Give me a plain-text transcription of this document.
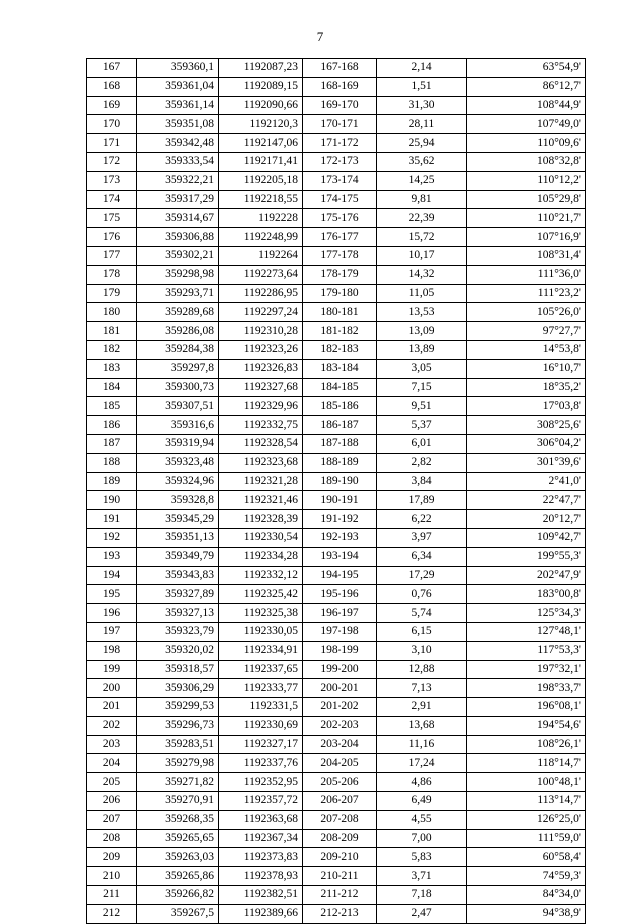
7
167	359360,1	1192087,23	167-168	2,14	63°54,9'
168	359361,04	1192089,15	168-169	1,51	86°12,7'
169	359361,14	1192090,66	169-170	31,30	108°44,9'
170	359351,08	1192120,3	170-171	28,11	107°49,0'
171	359342,48	1192147,06	171-172	25,94	110°09,6'
172	359333,54	1192171,41	172-173	35,62	108°32,8'
173	359322,21	1192205,18	173-174	14,25	110°12,2'
174	359317,29	1192218,55	174-175	9,81	105°29,8'
175	359314,67	1192228	175-176	22,39	110°21,7'
176	359306,88	1192248,99	176-177	15,72	107°16,9'
177	359302,21	1192264	177-178	10,17	108°31,4'
178	359298,98	1192273,64	178-179	14,32	111°36,0'
179	359293,71	1192286,95	179-180	11,05	111°23,2'
180	359289,68	1192297,24	180-181	13,53	105°26,0'
181	359286,08	1192310,28	181-182	13,09	97°27,7'
182	359284,38	1192323,26	182-183	13,89	14°53,8'
183	359297,8	1192326,83	183-184	3,05	16°10,7'
184	359300,73	1192327,68	184-185	7,15	18°35,2'
185	359307,51	1192329,96	185-186	9,51	17°03,8'
186	359316,6	1192332,75	186-187	5,37	308°25,6'
187	359319,94	1192328,54	187-188	6,01	306°04,2'
188	359323,48	1192323,68	188-189	2,82	301°39,6'
189	359324,96	1192321,28	189-190	3,84	2°41,0'
190	359328,8	1192321,46	190-191	17,89	22°47,7'
191	359345,29	1192328,39	191-192	6,22	20°12,7'
192	359351,13	1192330,54	192-193	3,97	109°42,7'
193	359349,79	1192334,28	193-194	6,34	199°55,3'
194	359343,83	1192332,12	194-195	17,29	202°47,9'
195	359327,89	1192325,42	195-196	0,76	183°00,8'
196	359327,13	1192325,38	196-197	5,74	125°34,3'
197	359323,79	1192330,05	197-198	6,15	127°48,1'
198	359320,02	1192334,91	198-199	3,10	117°53,3'
199	359318,57	1192337,65	199-200	12,88	197°32,1'
200	359306,29	1192333,77	200-201	7,13	198°33,7'
201	359299,53	1192331,5	201-202	2,91	196°08,1'
202	359296,73	1192330,69	202-203	13,68	194°54,6'
203	359283,51	1192327,17	203-204	11,16	108°26,1'
204	359279,98	1192337,76	204-205	17,24	118°14,7'
205	359271,82	1192352,95	205-206	4,86	100°48,1'
206	359270,91	1192357,72	206-207	6,49	113°14,7'
207	359268,35	1192363,68	207-208	4,55	126°25,0'
208	359265,65	1192367,34	208-209	7,00	111°59,0'
209	359263,03	1192373,83	209-210	5,83	60°58,4'
210	359265,86	1192378,93	210-211	3,71	74°59,3'
211	359266,82	1192382,51	211-212	7,18	84°34,0'
212	359267,5	1192389,66	212-213	2,47	94°38,9'
